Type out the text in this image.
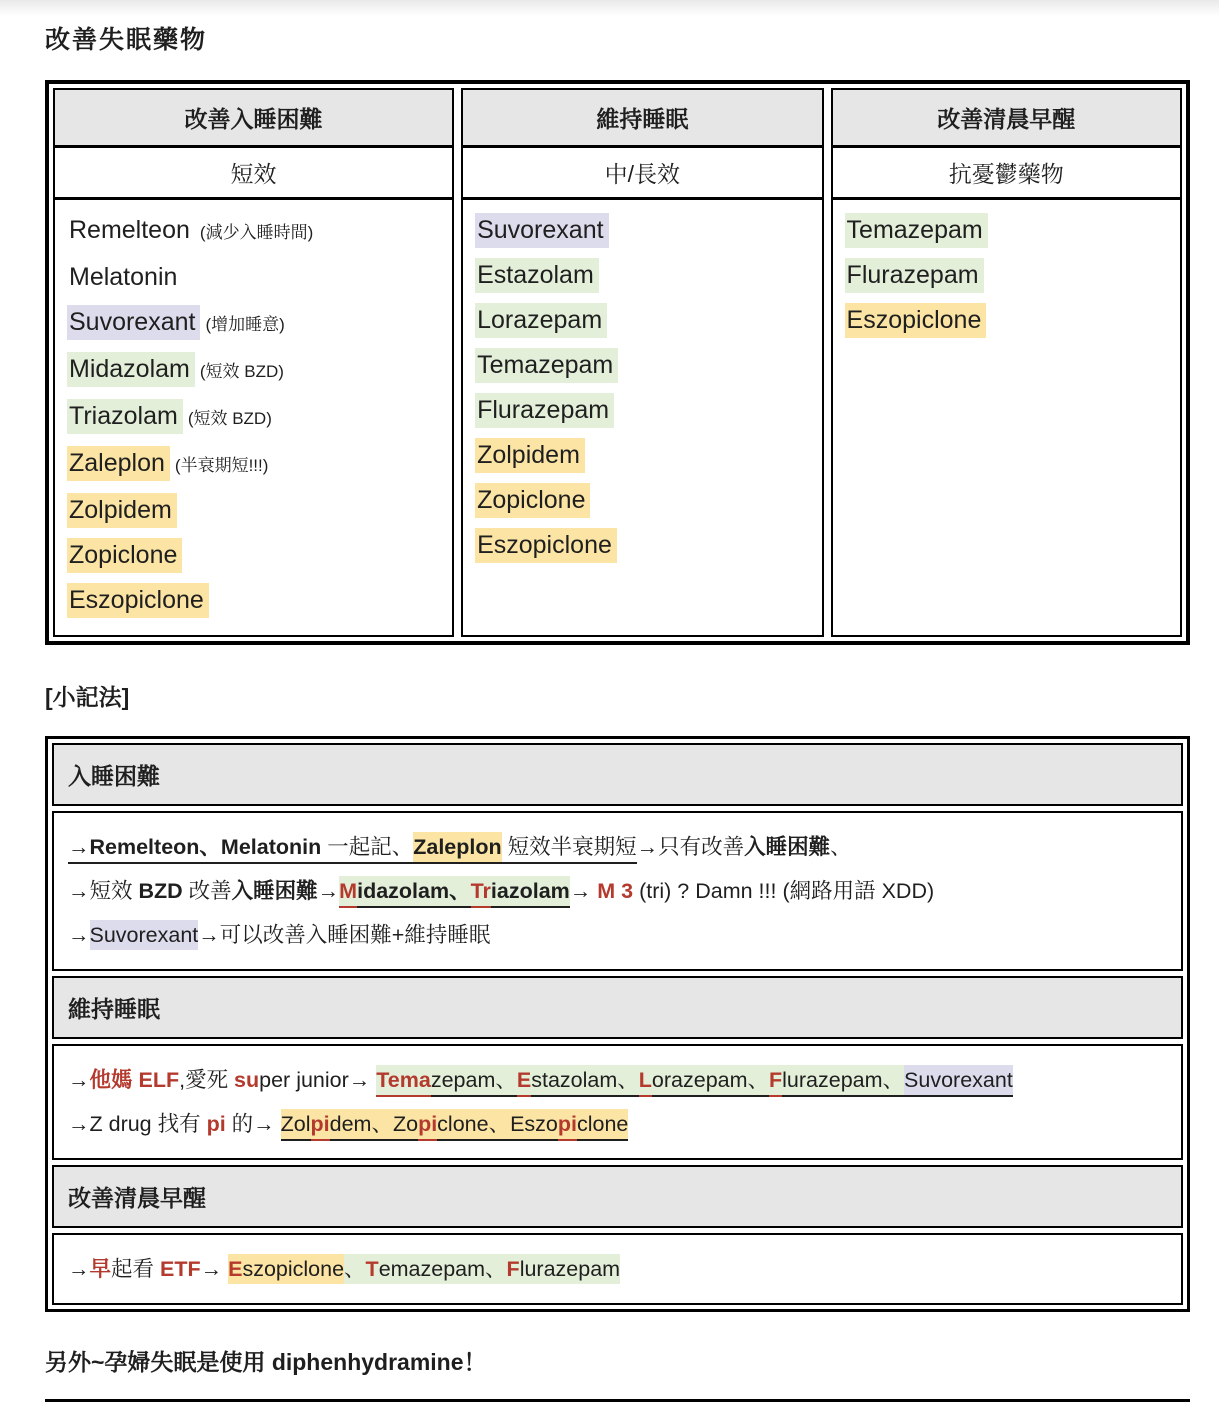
改善失眠藥物
改善入睡困難
短效
Remelteon (減少入睡時間)
Melatonin
Suvorexant (增加睡意)
Midazolam (短效 BZD)
Triazolam (短效 BZD)
Zaleplon (半衰期短!!!)
Zolpidem
Zopiclone
Eszopiclone
維持睡眠
中/長效
Suvorexant
Estazolam
Lorazepam
Temazepam
Flurazepam
Zolpidem
Zopiclone
Eszopiclone
改善清晨早醒
抗憂鬱藥物
Temazepam
Flurazepam
Eszopiclone
[小記法]
入睡困難
→Remelteon、Melatonin 一起記、Zaleplon 短效半衰期短→只有改善入睡困難、
→短效 BZD 改善入睡困難→Midazolam、Triazolam→ M 3 (tri) ? Damn !!! (網路用語 XDD)
→Suvorexant→可以改善入睡困難+維持睡眠
維持睡眠
→他媽 ELF,愛死 super junior→ Temazepam、Estazolam、Lorazepam、Flurazepam、Suvorexant
→Z drug 找有 pi 的→ Zolpidem、Zopiclone、Eszopiclone
改善清晨早醒
→早起看 ETF→ Eszopiclone、Temazepam、Flurazepam
另外~孕婦失眠是使用 diphenhydramine！
